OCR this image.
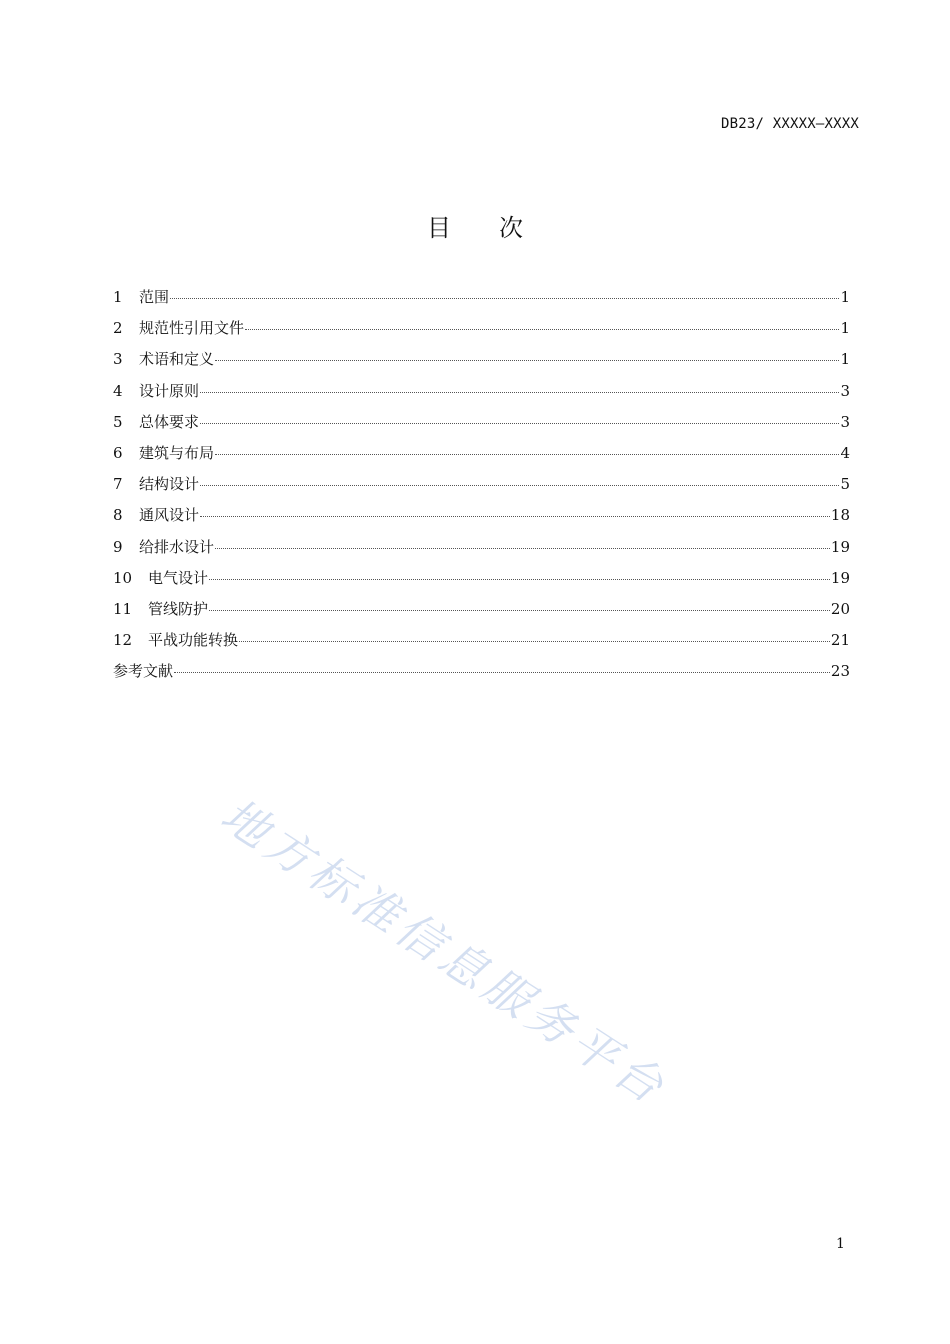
DB23/ XXXXX—XXXX
目 次
1	范围	1
2	规范性引用文件	1
3	术语和定义	1
4	设计原则	3
5	总体要求	3
6	建筑与布局	4
7	结构设计	5
8	通风设计	18
9	给排水设计	19
10	电气设计	19
11	管线防护	20
12	平战功能转换	21
参考文献	23
地方标准信息服务平台
1
